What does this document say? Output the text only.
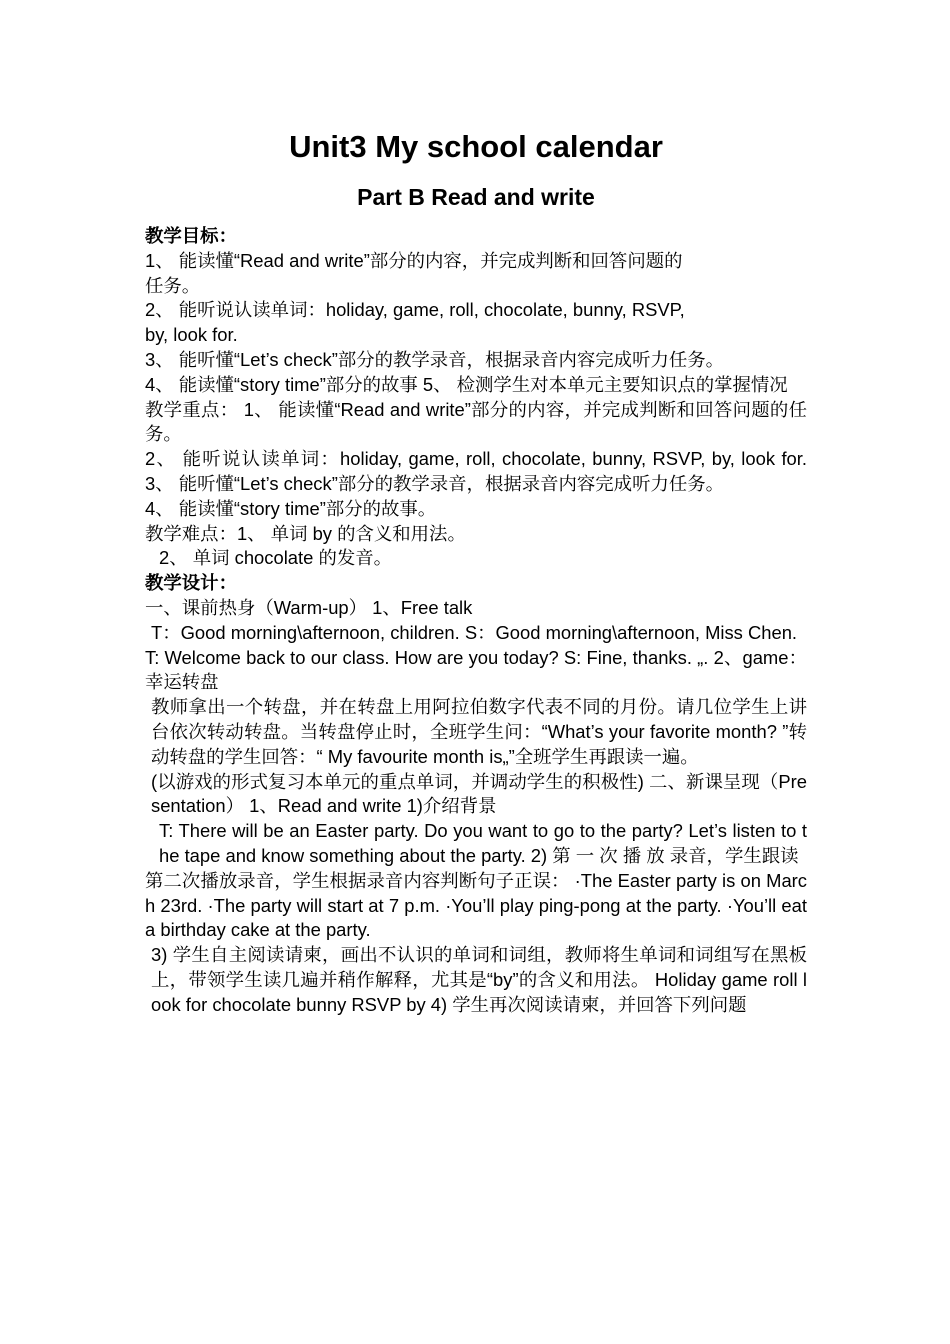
Unit3 My school calendar
Part B Read and write
教学目标：
1、 能读懂“Read and write”部分的内容，并完成判断和回答问题的
任务。
2、 能听说认读单词：holiday, game, roll, chocolate, bunny, RSVP,
by, look for.
3、 能听懂“Let’s check”部分的教学录音，根据录音内容完成听力任务。
4、 能读懂“story time”部分的故事 5、 检测学生对本单元主要知识点的掌握情况
教学重点： 1、 能读懂“Read and write”部分的内容，并完成判断和回答问题的任务。
2、 能听说认读单词：holiday, game, roll, chocolate, bunny, RSVP, by, look for. 3、 能听懂“Let’s check”部分的教学录音，根据录音内容完成听力任务。
4、 能读懂“story time”部分的故事。
教学难点：1、 单词 by 的含义和用法。
2、 单词 chocolate 的发音。
教学设计：
一、课前热身（Warm-up） 1、Free talk
T：Good morning\afternoon, children. S：Good morning\afternoon, Miss Chen.
T: Welcome back to our class. How are you today? S: Fine, thanks. „. 2、game：幸运转盘
教师拿出一个转盘，并在转盘上用阿拉伯数字代表不同的月份。请几位学生上讲台依次转动转盘。当转盘停止时，全班学生问：“What’s your favorite month? ”转动转盘的学生回答：“ My favourite month is„”全班学生再跟读一遍。
(以游戏的形式复习本单元的重点单词，并调动学生的积极性) 二、新课呈现（Presentation） 1、Read and write 1)介绍背景
T: There will be an Easter party. Do you want to go to the party? Let’s listen to the tape and know something about the party. 2) 第 一 次 播 放 录音，学生跟读
第二次播放录音，学生根据录音内容判断句子正误： ·The Easter party is on March 23rd. ·The party will start at 7 p.m. ·You’ll play ping-pong at the party. ·You’ll eat a birthday cake at the party.
3) 学生自主阅读请柬，画出不认识的单词和词组，教师将生单词和词组写在黑板上，带领学生读几遍并稍作解释，尤其是“by”的含义和用法。 Holiday game roll look for chocolate bunny RSVP by 4) 学生再次阅读请柬，并回答下列问题
